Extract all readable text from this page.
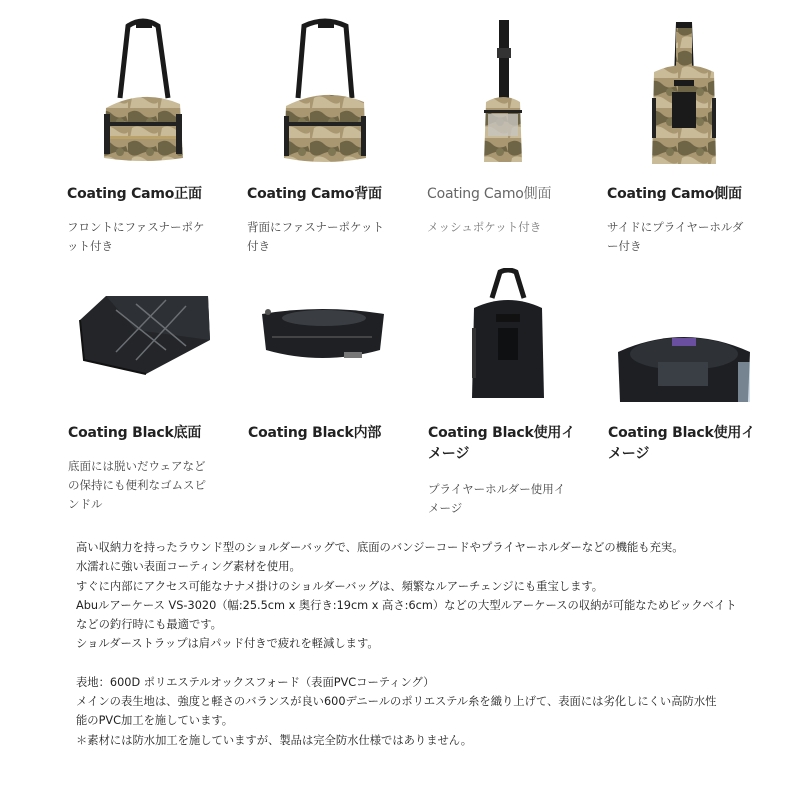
Coating Camo正面
フロントにファスナーポケ
ット付き
Coating Camo背面
背面にファスナーポケット
付き
Coating Camo側面
メッシュポケット付き
Coating Camo側面
サイドにプライヤーホルダ
ー付き
Coating Black底面
底面には脱いだウェアなど
の保持にも便利なゴムスピ
ンドル
Coating Black内部	Coating Black使用イ
メージ
プライヤーホルダー使用イ
メージ
Coating Black使用イ
メージ

高い収納力を持ったラウンド型のショルダーバッグで、底面のバンジーコードやプライヤーホルダーなどの機能も充実。

水濡れに強い表面コーティング素材を使用。

すぐに内部にアクセス可能なナナメ掛けのショルダーバッグは、頻繁なルアーチェンジにも重宝します。

Abuルアーケース VS-3020（幅:25.5cm x 奥行き:19cm x 高さ:6cm）などの大型ルアーケースの収納が可能なためビックベイト

などの釣行時にも最適です。

ショルダーストラップは肩パッド付きで疲れを軽減します。

表地：600D ポリエステルオックスフォード（表面PVCコーティング）

メインの表生地は、強度と軽さのバランスが良い600デニールのポリエステル糸を織り上げて、表面には劣化しにくい高防水性

能のPVC加工を施しています。

＊素材には防水加工を施していますが、製品は完全防水仕様ではありません。
